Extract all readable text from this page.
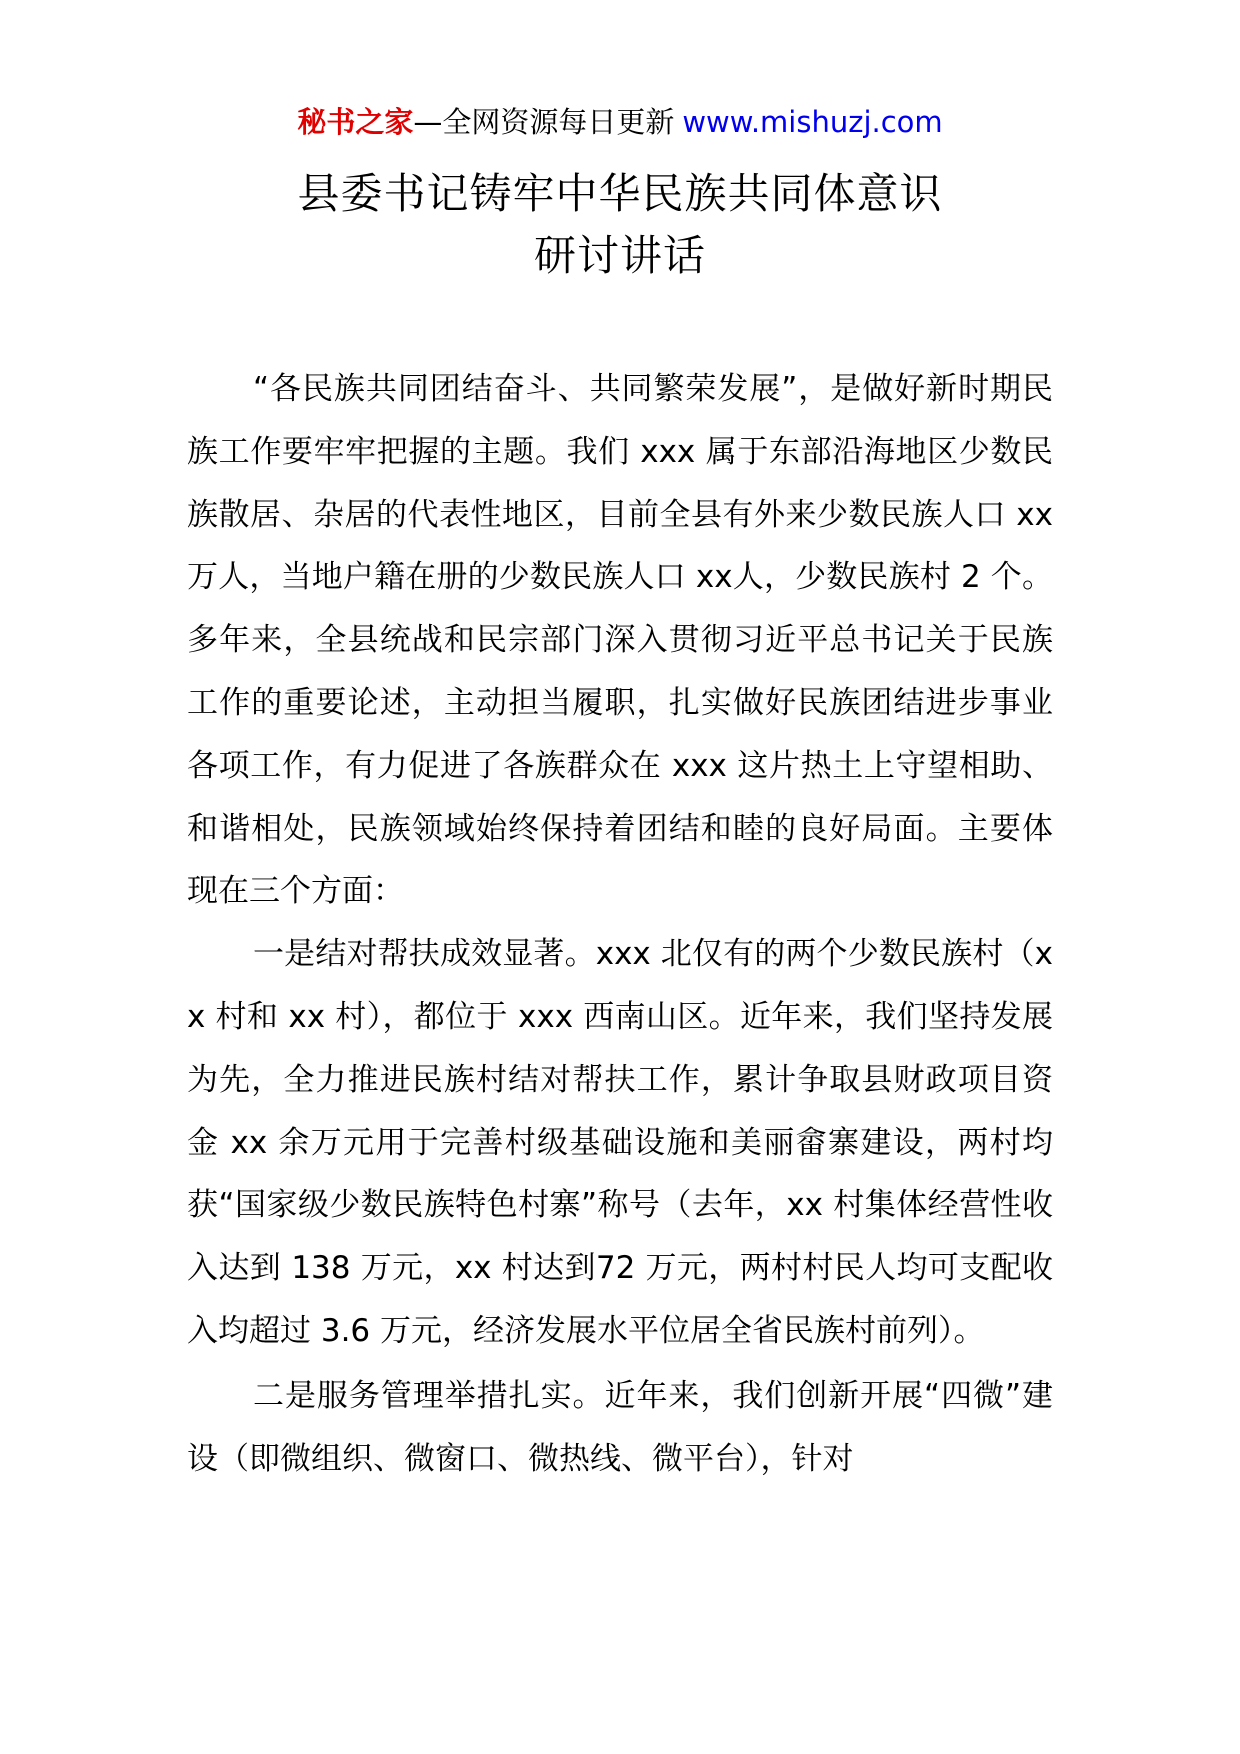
秘书之家—全网资源每日更新 www.mishuzj.com
县委书记铸牢中华民族共同体意识
研讨讲话

“各民族共同团结奋斗、共同繁荣发展”，是做好新时期民族工作要牢牢把握的主题。我们 xxx 属于东部沿海地区少数民族散居、杂居的代表性地区，目前全县有外来少数民族人口 xx 万人，当地户籍在册的少数民族人口 xx人，少数民族村 2 个。多年来，全县统战和民宗部门深入贯彻习近平总书记关于民族工作的重要论述，主动担当履职，扎实做好民族团结进步事业各项工作，有力促进了各族群众在 xxx 这片热土上守望相助、和谐相处，民族领域始终保持着团结和睦的良好局面。主要体现在三个方面：

一是结对帮扶成效显著。xxx 北仅有的两个少数民族村（xx 村和 xx 村），都位于 xxx 西南山区。近年来，我们坚持发展为先，全力推进民族村结对帮扶工作，累计争取县财政项目资金 xx 余万元用于完善村级基础设施和美丽畲寨建设，两村均获“国家级少数民族特色村寨”称号（去年，xx 村集体经营性收入达到 138 万元，xx 村达到72 万元，两村村民人均可支配收入均超过 3.6 万元，经济发展水平位居全省民族村前列）。

二是服务管理举措扎实。近年来，我们创新开展“四微”建设（即微组织、微窗口、微热线、微平台），针对
